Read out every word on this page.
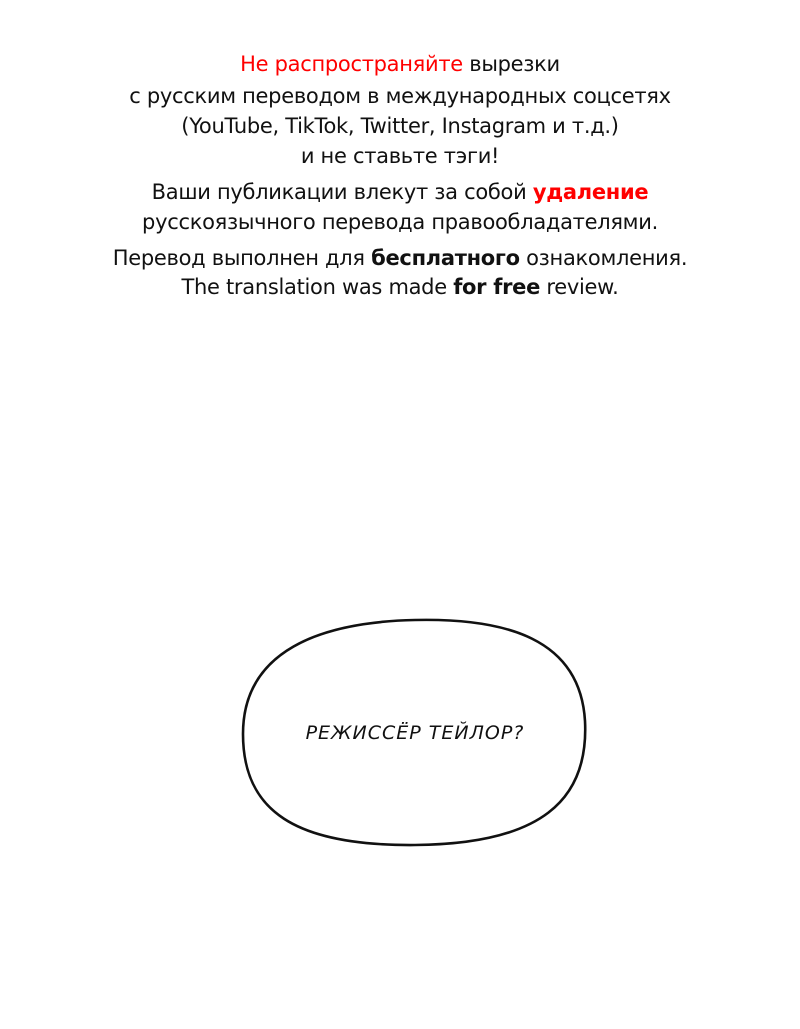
Не распространяйте вырезки
с русским переводом в международных соцсетях
(YouTube, TikTok, Twitter, Instagram и т.д.)
и не ставьте тэги!
Ваши публикации влекут за собой удаление
русскоязычного перевода правообладателями.
Перевод выполнен для бесплатного ознакомления.
The translation was made for free review.
РЕЖИССЁР ТЕЙЛОР?
